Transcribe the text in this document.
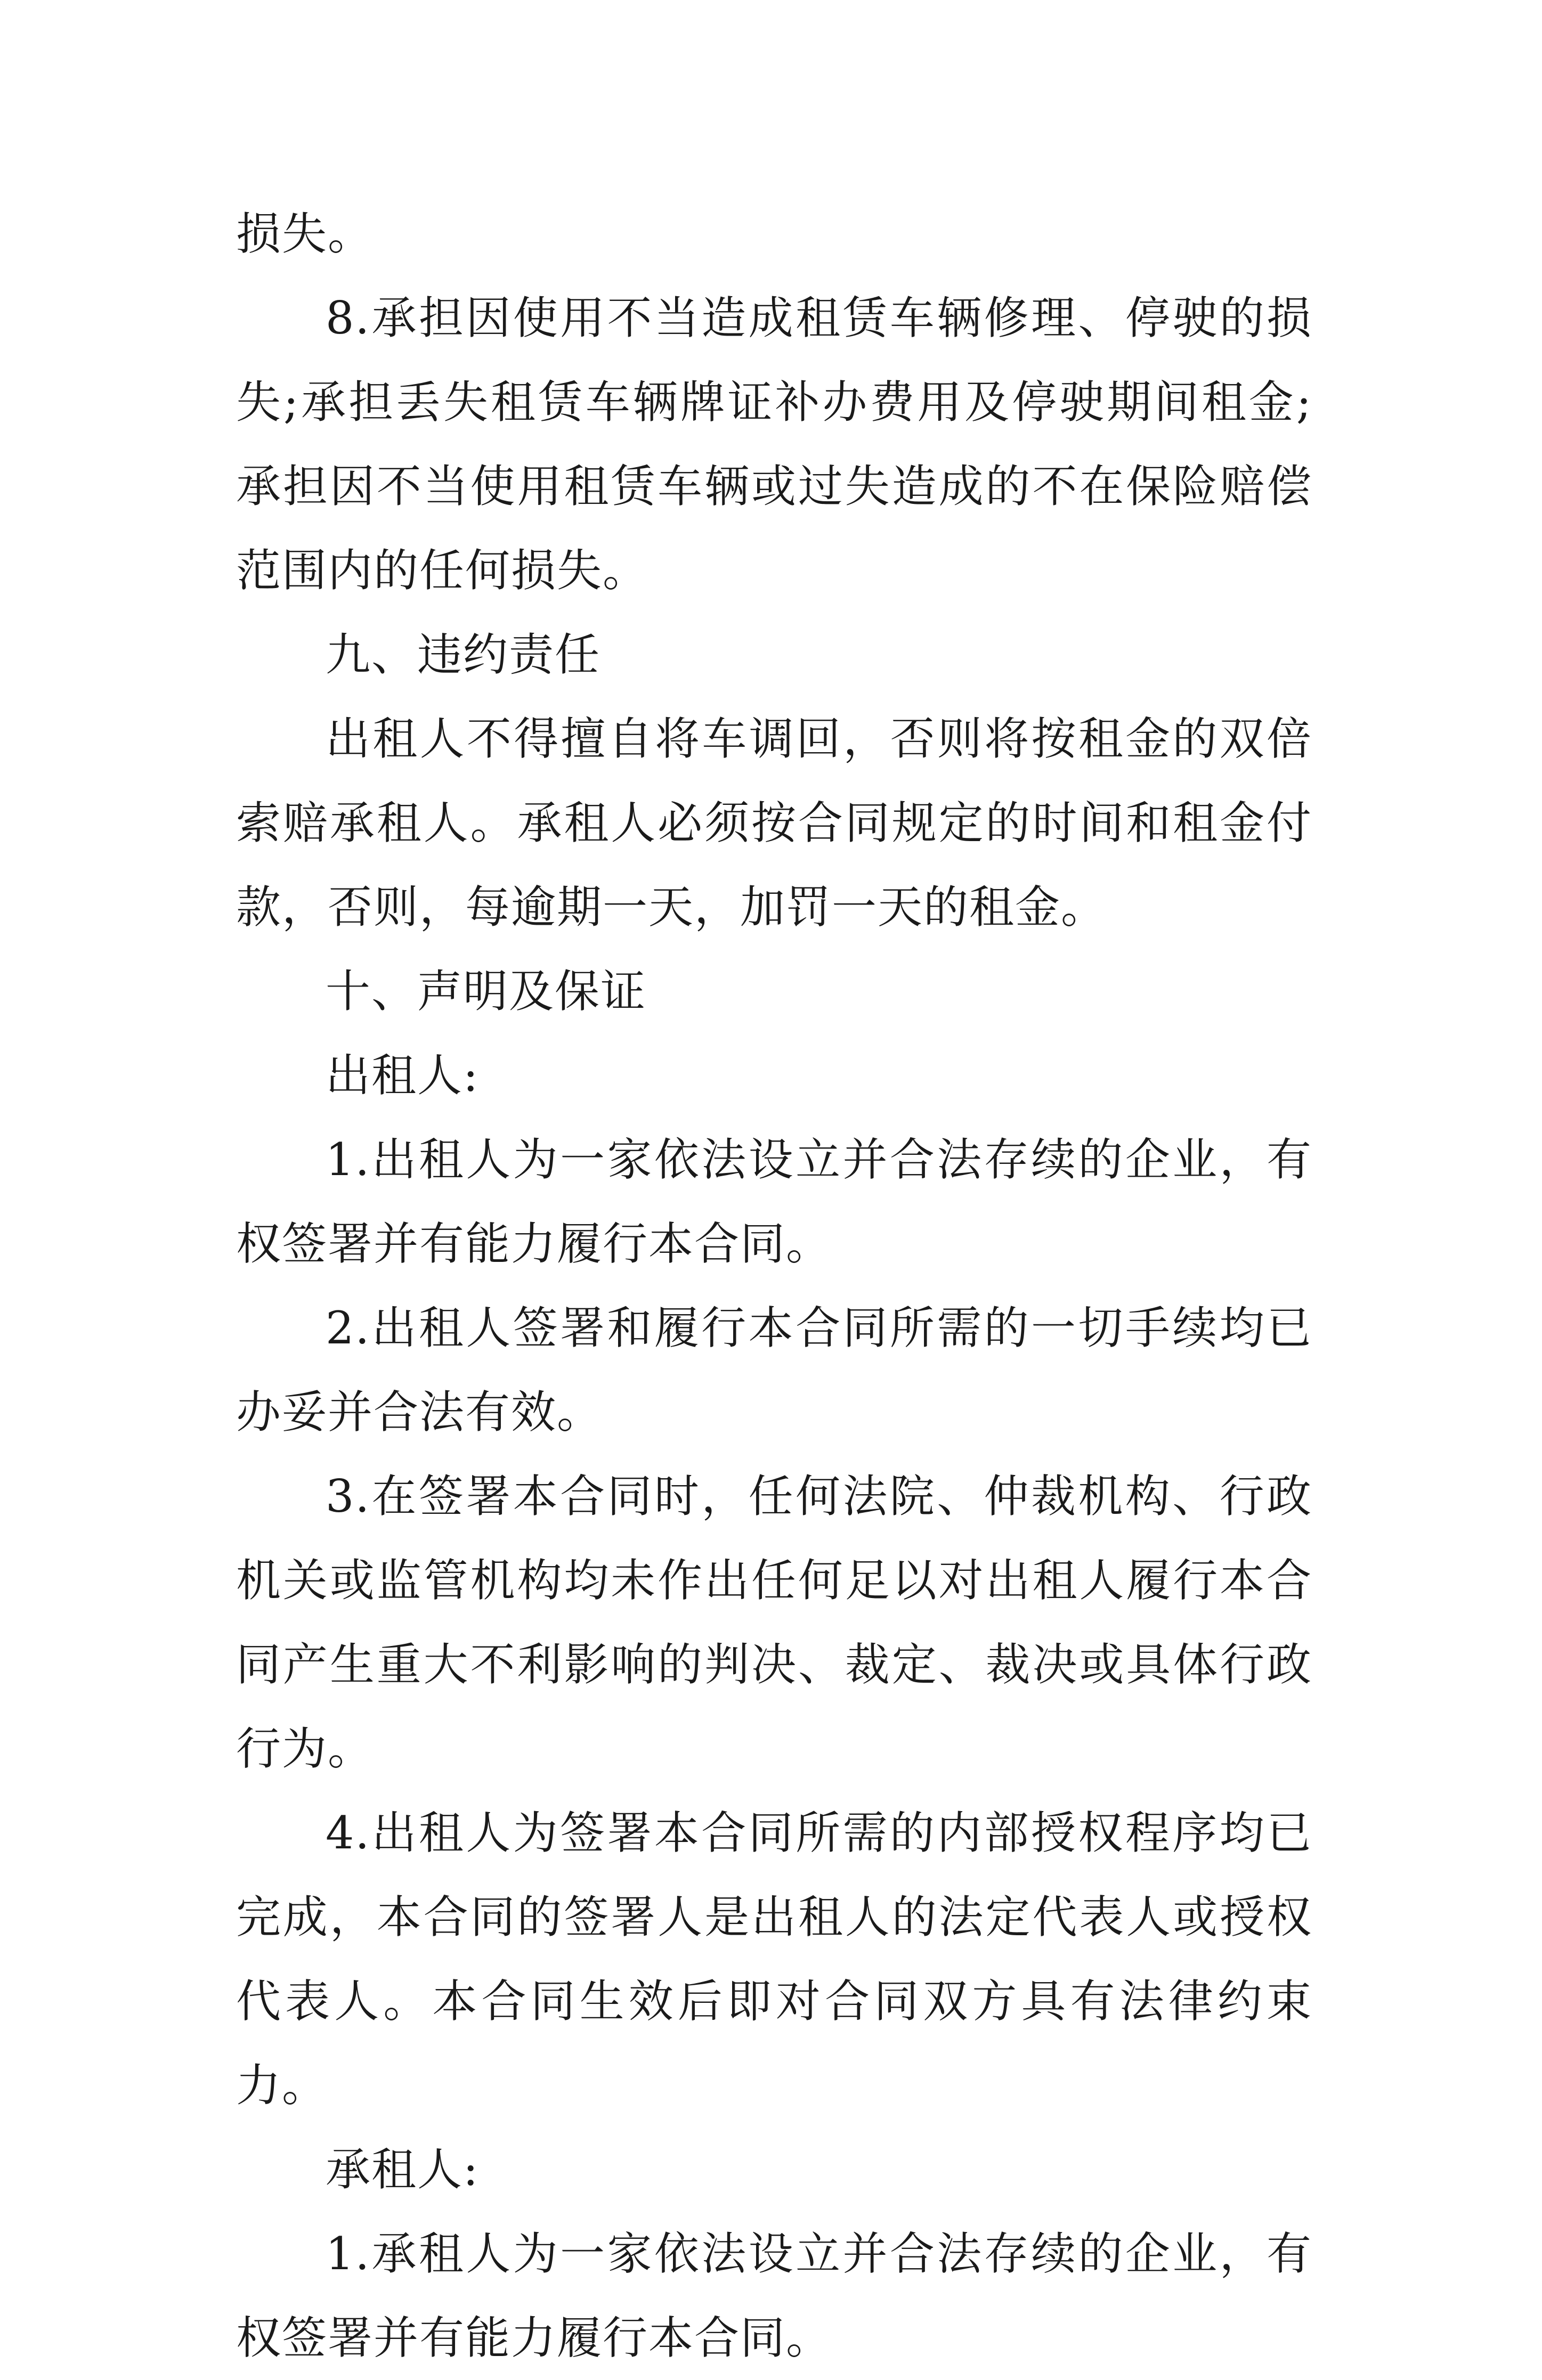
损失。

8.承担因使用不当造成租赁车辆修理、停驶的损失;承担丢失租赁车辆牌证补办费用及停驶期间租金;承担因不当使用租赁车辆或过失造成的不在保险赔偿范围内的任何损失。

九、违约责任

出租人不得擅自将车调回，否则将按租金的双倍索赔承租人。承租人必须按合同规定的时间和租金付款，否则，每逾期一天，加罚一天的租金。

十、声明及保证

出租人:

1.出租人为一家依法设立并合法存续的企业，有权签署并有能力履行本合同。

2.出租人签署和履行本合同所需的一切手续均已办妥并合法有效。

3.在签署本合同时，任何法院、仲裁机构、行政机关或监管机构均未作出任何足以对出租人履行本合同产生重大不利影响的判决、裁定、裁决或具体行政行为。

4.出租人为签署本合同所需的内部授权程序均已完成，本合同的签署人是出租人的法定代表人或授权代表人。本合同生效后即对合同双方具有法律约束力。

承租人:

1.承租人为一家依法设立并合法存续的企业，有权签署并有能力履行本合同。
